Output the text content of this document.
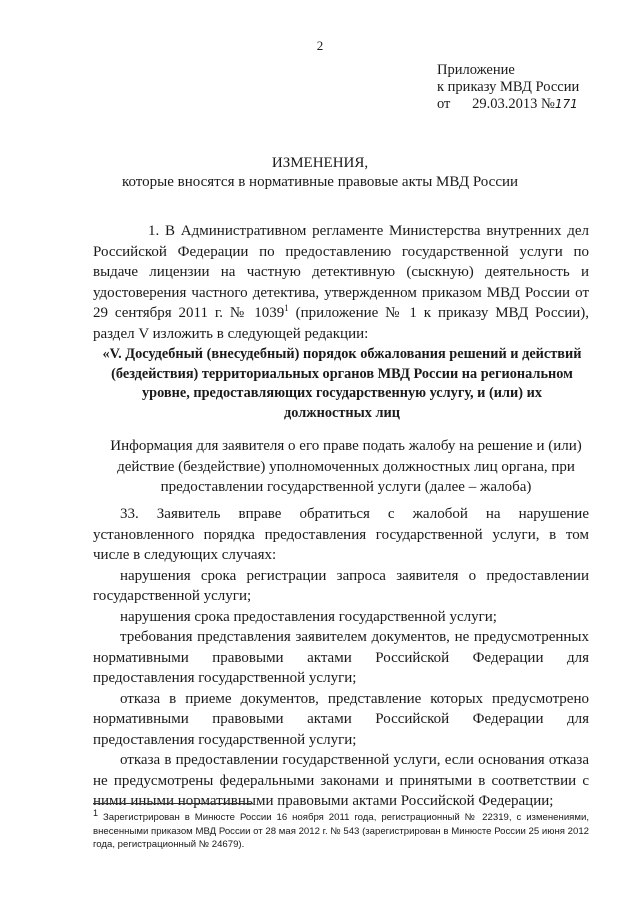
2
Приложение
к приказу МВД России
от 29.03.2013 №171
ИЗМЕНЕНИЯ,
которые вносятся в нормативные правовые акты МВД России
1. В Административном регламенте Министерства внутренних дел Российской Федерации по предоставлению государственной услуги по выдаче лицензии на частную детективную (сыскную) деятельность и удостоверения частного детектива, утвержденном приказом МВД России от 29 сентября 2011 г. № 1039$^1$ (приложение № 1 к приказу МВД России), раздел V изложить в следующей редакции:
«V. Досудебный (внесудебный) порядок обжалования решений и действий (бездействия) территориальных органов МВД России на региональном уровне, предоставляющих государственную услугу, и (или) их должностных лиц
Информация для заявителя о его праве подать жалобу на решение и (или) действие (бездействие) уполномоченных должностных лиц органа, при предоставлении государственной услуги (далее – жалоба)

33. Заявитель вправе обратиться с жалобой на нарушение установленного порядка предоставления государственной услуги, в том числе в следующих случаях:

нарушения срока регистрации запроса заявителя о предоставлении государственной услуги;

нарушения срока предоставления государственной услуги;

требования представления заявителем документов, не предусмотренных нормативными правовыми актами Российской Федерации для предоставления государственной услуги;

отказа в приеме документов, представление которых предусмотрено нормативными правовыми актами Российской Федерации для предоставления государственной услуги;

отказа в предоставлении государственной услуги, если основания отказа не предусмотрены федеральными законами и принятыми в соответствии с ними иными нормативными правовыми актами Российской Федерации;

$^1$ Зарегистрирован в Минюсте России 16 ноября 2011 года, регистрационный № 22319, с изменениями, внесенными приказом МВД России от 28 мая 2012 г. № 543 (зарегистрирован в Минюсте России 25 июня 2012 года, регистрационный № 24679).
